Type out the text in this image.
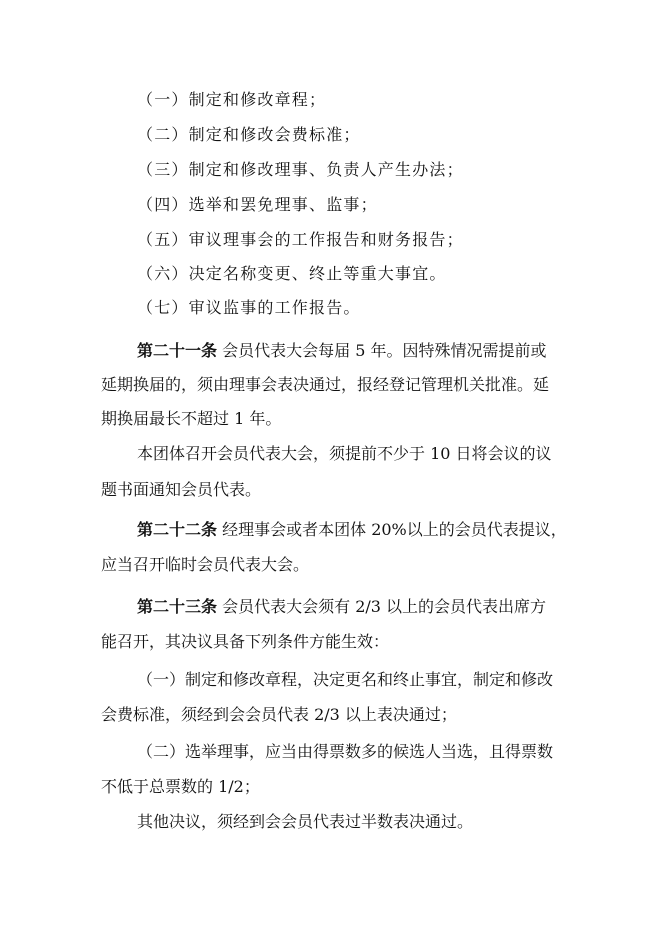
（一）制定和修改章程；
（二）制定和修改会费标准；
（三）制定和修改理事、负责人产生办法；
（四）选举和罢免理事、监事；
（五）审议理事会的工作报告和财务报告；
（六）决定名称变更、终止等重大事宜。
（七）审议监事的工作报告。
第二十一条 会员代表大会每届 5 年。因特殊情况需提前或
延期换届的，须由理事会表决通过，报经登记管理机关批准。延
期换届最长不超过 1 年。
本团体召开会员代表大会，须提前不少于 10 日将会议的议
题书面通知会员代表。
第二十二条 经理事会或者本团体 20%以上的会员代表提议，
应当召开临时会员代表大会。
第二十三条 会员代表大会须有 2/3 以上的会员代表出席方
能召开，其决议具备下列条件方能生效：
（一）制定和修改章程，决定更名和终止事宜，制定和修改
会费标准，须经到会会员代表 2/3 以上表决通过；
（二）选举理事，应当由得票数多的候选人当选，且得票数
不低于总票数的 1/2；
其他决议，须经到会会员代表过半数表决通过。
